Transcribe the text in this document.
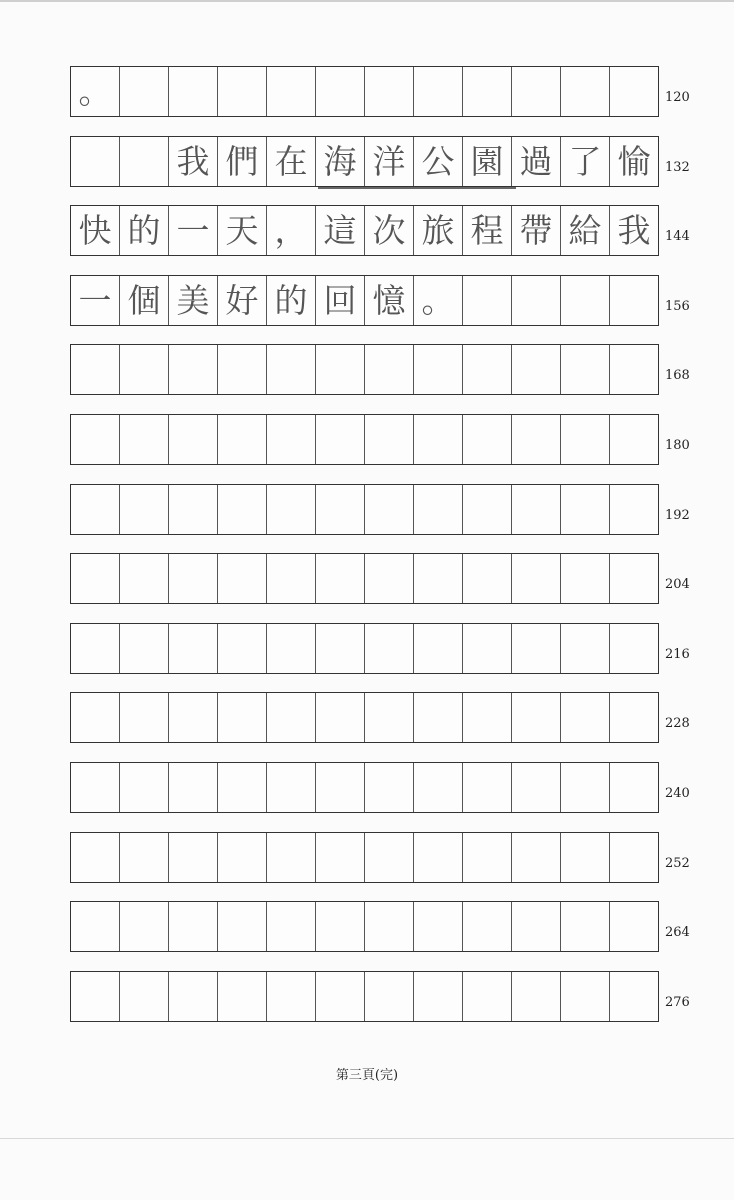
。	120
我 們 在 海 洋 公 園 過 了 愉	132
快 的 一 天 ， 這 次 旅 程 帶 給 我	144
一 個 美 好 的 回 憶 。	156
168
180
192
204
216
228
240
252
264
276
第三頁(完)
